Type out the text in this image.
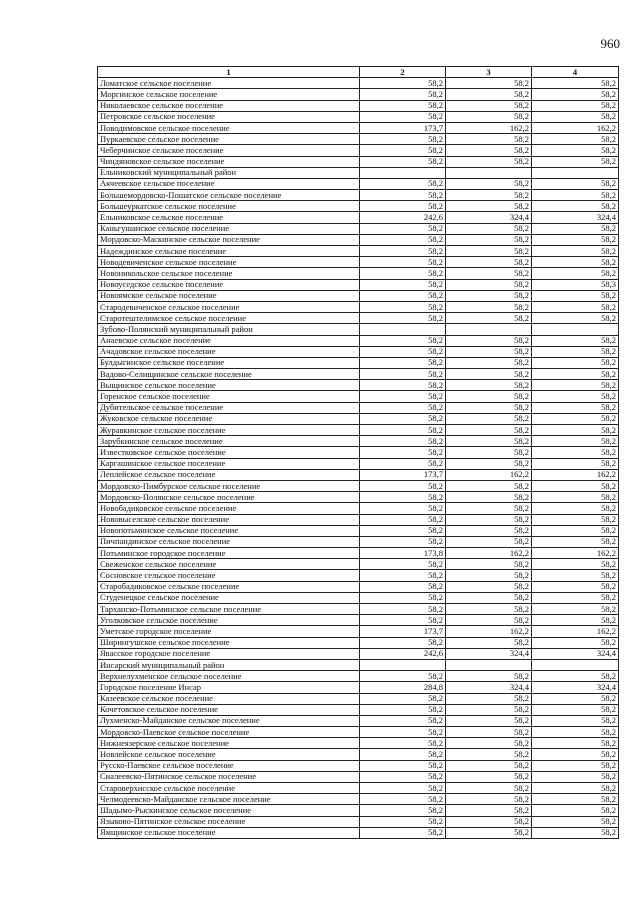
960
1	2	3	4
Ломатское сельское поселение	58,2	58,2	58,2
Моргинское сельское поселение	58,2	58,2	58,2
Николаевское сельское поселение	58,2	58,2	58,2
Петровское сельское поселение	58,2	58,2	58,2
Поводимовское сельское поселение	173,7	162,2	162,2
Пуркаевское сельское поселение	58,2	58,2	58,2
Чеберчинское сельское поселение	58,2	58,2	58,2
Чиндяновское сельское поселение	58,2	58,2	58,2
Ельниковский муниципальный район			
Акчеевское сельское поселение	58,2	58,2	58,2
Большемордовско-Пошатское сельское поселение	58,2	58,2	58,2
Большеуркатское сельское поселение	58,2	58,2	58,2
Ельниковское сельское поселение	242,6	324,4	324,4
Каньгушанское сельское поселение	58,2	58,2	58,2
Мордовско-Маскинское сельское поселение	58,2	58,2	58,2
Надеждинское сельское поселение	58,2	58,2	58,2
Новодевиченское сельское поселение	58,2	58,2	58,2
Новоникольское сельское поселение	58,2	58,2	58,2
Новоуседское сельское поселение	58,2	58,2	58,3
Новоямское сельское поселение	58,2	58,2	58,2
Стародевиченское сельское поселение	58,2	58,2	58,2
Старотештелимское сельское поселение	58,2	58,2	58,2
Зубово-Полянский муниципальный район			
Анаевское сельское поселение	58,2	58,2	58,2
Ачадовское сельское поселение	58,2	58,2	58,2
Булдыгинское сельское поселение	58,2	58,2	58,2
Вадово-Селищинское сельское поселение	58,2	58,2	58,2
Выщинское сельское поселение	58,2	58,2	58,2
Горенское сельское поселение	58,2	58,2	58,2
Дубительское сельское поселение	58,2	58,2	58,2
Жуковское сельское поселение	58,2	58,2	58,2
Журавкинское сельское поселение	58,2	58,2	58,2
Зарубкинское сельское поселение	58,2	58,2	58,2
Известковское сельское поселение	58,2	58,2	58,2
Каргашинское сельское поселение	58,2	58,2	58,2
Леплейское сельское поселение	173,7	162,2	162,2
Мордовско-Пимбурское сельское поселение	58,2	58,2	58,2
Мордовско-Полянское сельское поселение	58,2	58,2	58,2
Новобадиковское сельское поселение	58,2	58,2	58,2
Нововыселское сельское поселение	58,2	58,2	58,2
Новопотьминское сельское поселение	58,2	58,2	58,2
Пичпандинское сельское поселение	58,2	58,2	58,2
Потьминское городское поселение	173,8	162,2	162,2
Свеженское сельское поселение	58,2	58,2	58,2
Сосновское сельское поселение	58,2	58,2	58,2
Старобадиковское сельское поселение	58,2	58,2	58,2
Студенецкое сельское поселение	58,2	58,2	58,2
Тарханско-Потьминское сельское поселение	58,2	58,2	58,2
Уголковское сельское поселение	58,2	58,2	58,2
Уметское городское поселение	173,7	162,2	162,2
Ширингушское сельское поселение	58,2	58,2	58,2
Явасское городское поселение	242,6	324,4	324,4
Инсарский муниципальный район			
Верхнелухменское сельское поселение	58,2	58,2	58,2
Городское поселение Инсар	284,8	324,4	324,4
Казеевское сельское поселение	58,2	58,2	58,2
Кочетовское сельское поселение	58,2	58,2	58,2
Лухменско-Майданское сельское поселение	58,2	58,2	58,2
Мордовско-Паевское сельское поселение	58,2	58,2	58,2
Нижнеязерское сельское поселение	58,2	58,2	58,2
Новлейское сельское поселение	58,2	58,2	58,2
Русско-Паевское сельское поселение	58,2	58,2	58,2
Сиалеевско-Пятинское сельское поселение	58,2	58,2	58,2
Староверхисское сельское поселение	58,2	58,2	58,2
Челмодеевско-Майданское сельское поселение	58,2	58,2	58,2
Шадымо-Рыскинское сельское поселение	58,2	58,2	58,2
Языково-Пятинское сельское поселение	58,2	58,2	58,2
Ямщинское сельское поселение	58,2	58,2	58,2
